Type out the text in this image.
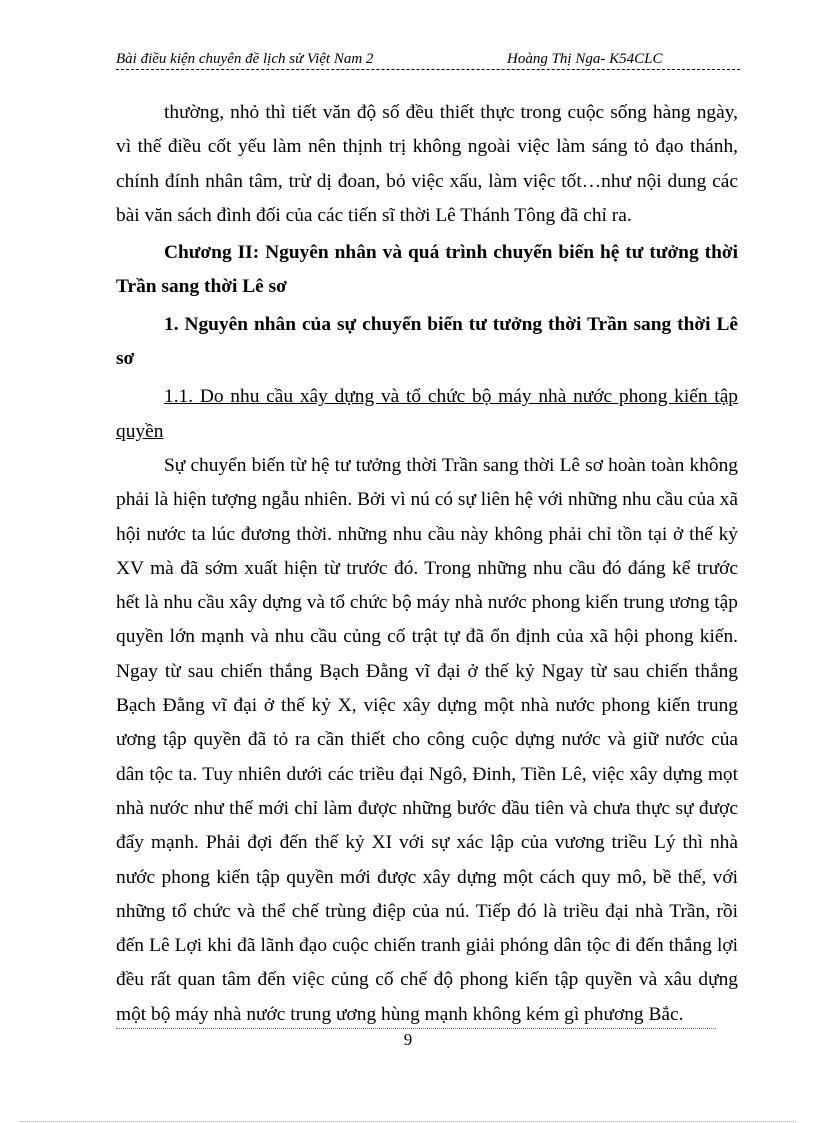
Bài điều kiện chuyên đề lịch sử Việt Nam 2	Hoàng Thị Nga- K54CLC

thường, nhỏ thì tiết văn độ số đều thiết thực trong cuộc sống hàng ngày, vì thế điều cốt yếu làm nên thịnh trị không ngoài việc làm sáng tỏ đạo thánh, chính đính nhân tâm, trừ dị đoan, bỏ việc xấu, làm việc tốt…như nội dung các bài văn sách đình đối của các tiến sĩ thời Lê Thánh Tông đã chỉ ra.

Chương II: Nguyên nhân và quá trình chuyển biến hệ tư tưởng thời Trần sang thời Lê sơ

1. Nguyên nhân của sự chuyển biến tư tưởng thời Trần sang thời Lê sơ

1.1. Do nhu cầu xây dựng và tổ chức bộ máy nhà nước phong kiến tập quyền

Sự chuyển biến từ hệ tư tưởng thời Trần sang thời Lê sơ hoàn toàn không phải là hiện tượng ngẫu nhiên. Bởi vì nú có sự liên hệ với những nhu cầu của xã hội nước ta lúc đương thời. những nhu cầu này không phải chỉ tồn tại ở thế kỷ XV mà đã sớm xuất hiện từ trước đó. Trong những nhu cầu đó đáng kể trước hết là nhu cầu xây dựng và tổ chức bộ máy nhà nước phong kiến trung ương tập quyền lớn mạnh và nhu cầu củng cố trật tự đã ổn định của xã hội phong kiến. Ngay từ sau chiến thắng Bạch Đằng vĩ đại ở thế kỷ Ngay từ sau chiến thắng Bạch Đằng vĩ đại ở thế kỷ X, việc xây dựng một nhà nước phong kiến trung ương tập quyền đã tỏ ra cần thiết cho công cuộc dựng nước và giữ nước của dân tộc ta. Tuy nhiên dưới các triều đại Ngô, Đinh, Tiền Lê, việc xây dựng mọt nhà nước như thế mới chỉ làm được những bước đầu tiên và chưa thực sự được đẩy mạnh. Phải đợi đến thế kỷ XI với sự xác lập của vương triều Lý thì nhà nước phong kiến tập quyền mới được xây dựng một cách quy mô, bề thế, với những tổ chức và thể chế trùng điệp của nú. Tiếp đó là triều đại nhà Trần, rồi đến Lê Lợi khi đã lãnh đạo cuộc chiến tranh giải phóng dân tộc đi đến thắng lợi đều rất quan tâm đến việc củng cố chế độ phong kiến tập quyền và xâu dựng một bộ máy nhà nước trung ương hùng mạnh không kém gì phương Bắc.

9
